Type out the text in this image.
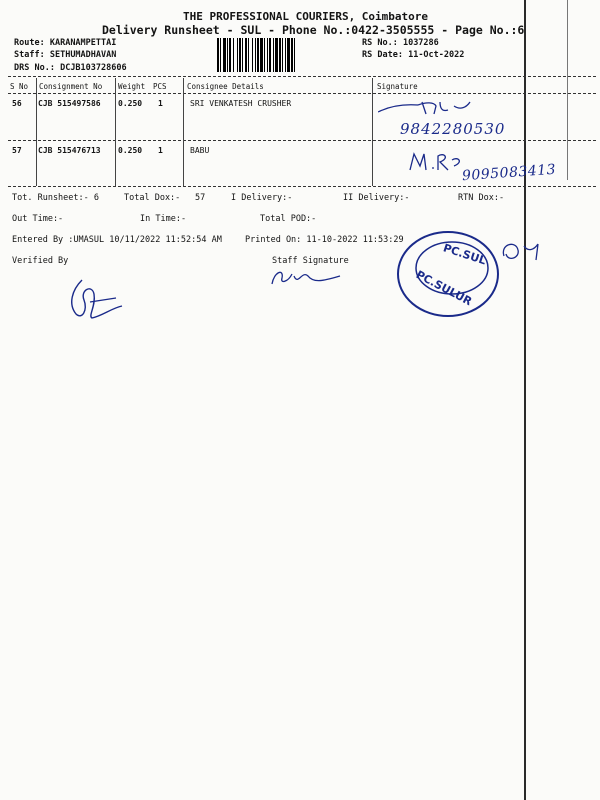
THE PROFESSIONAL COURIERS, Coimbatore
Delivery Runsheet - SUL - Phone No.:0422-3505555 - Page No.:6
Route: KARANAMPETTAI
Staff: SETHUMADHAVAN
DRS No.: DCJB103728606
RS No.: 1037286
RS Date: 11-Oct-2022
S No Consignment No Weight PCS	Consignee Details	Signature
56 CJB 515497586 0.250 1	SRI VENKATESH CRUSHER
9842280530
57 CJB 515476713 0.250 1	BABU
9095083413
Tot. Runsheet:- 6	Total Dox:- 57	I Delivery:-	II Delivery:-	RTN Dox:-
Out Time:-	In Time:-	Total POD:-
Entered By :UMASUL 10/11/2022 11:52:54 AM	Printed On: 11-10-2022 11:53:29
Verified By	Staff Signature	PC.SUL
PC.SULUR
